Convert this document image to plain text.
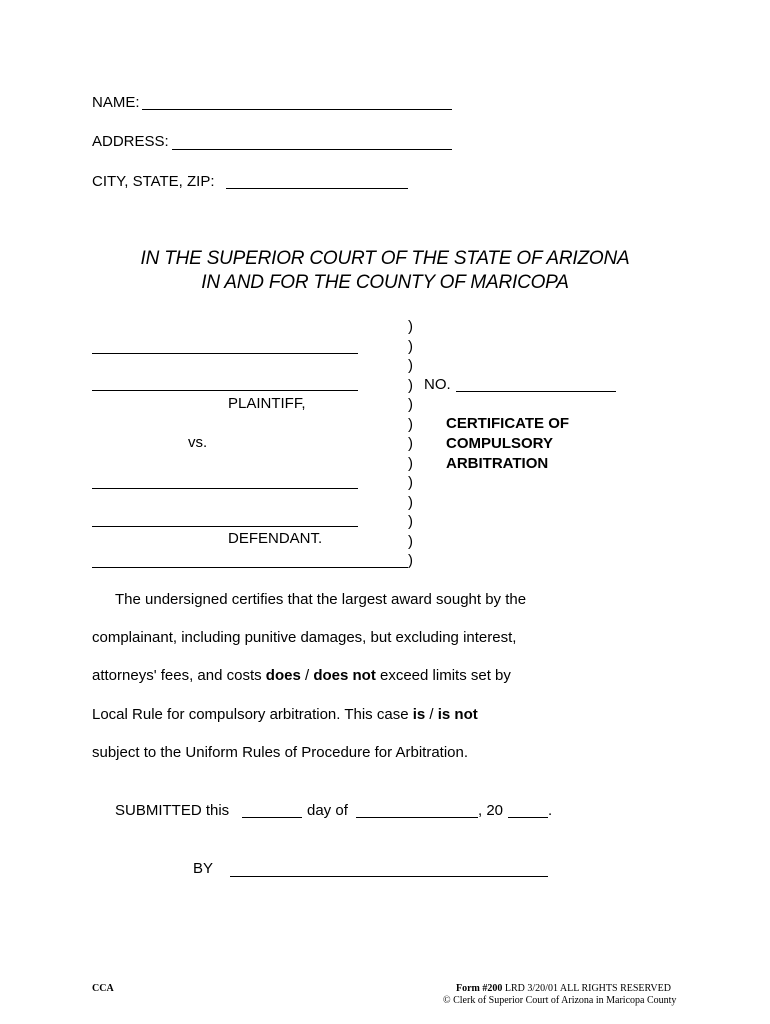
NAME:
ADDRESS:
CITY, STATE, ZIP:
IN THE SUPERIOR COURT OF THE STATE OF ARIZONA
IN AND FOR THE COUNTY OF MARICOPA
PLAINTIFF,
vs.
DEFENDANT.
)
)
)
)
)
)
)
)
)
)
)
)
)
NO.
CERTIFICATE OF
COMPULSORY
ARBITRATION
The undersigned certifies that the largest award sought by the
complainant, including punitive damages, but excluding interest,
attorneys' fees, and costs does / does not exceed limits set by
Local Rule for compulsory arbitration. This case is / is not
subject to the Uniform Rules of Procedure for Arbitration.
SUBMITTED this	day of	, 20	.
BY
CCA	Form #200 LRD 3/20/01 ALL RIGHTS RESERVED
© Clerk of Superior Court of Arizona in Maricopa County
